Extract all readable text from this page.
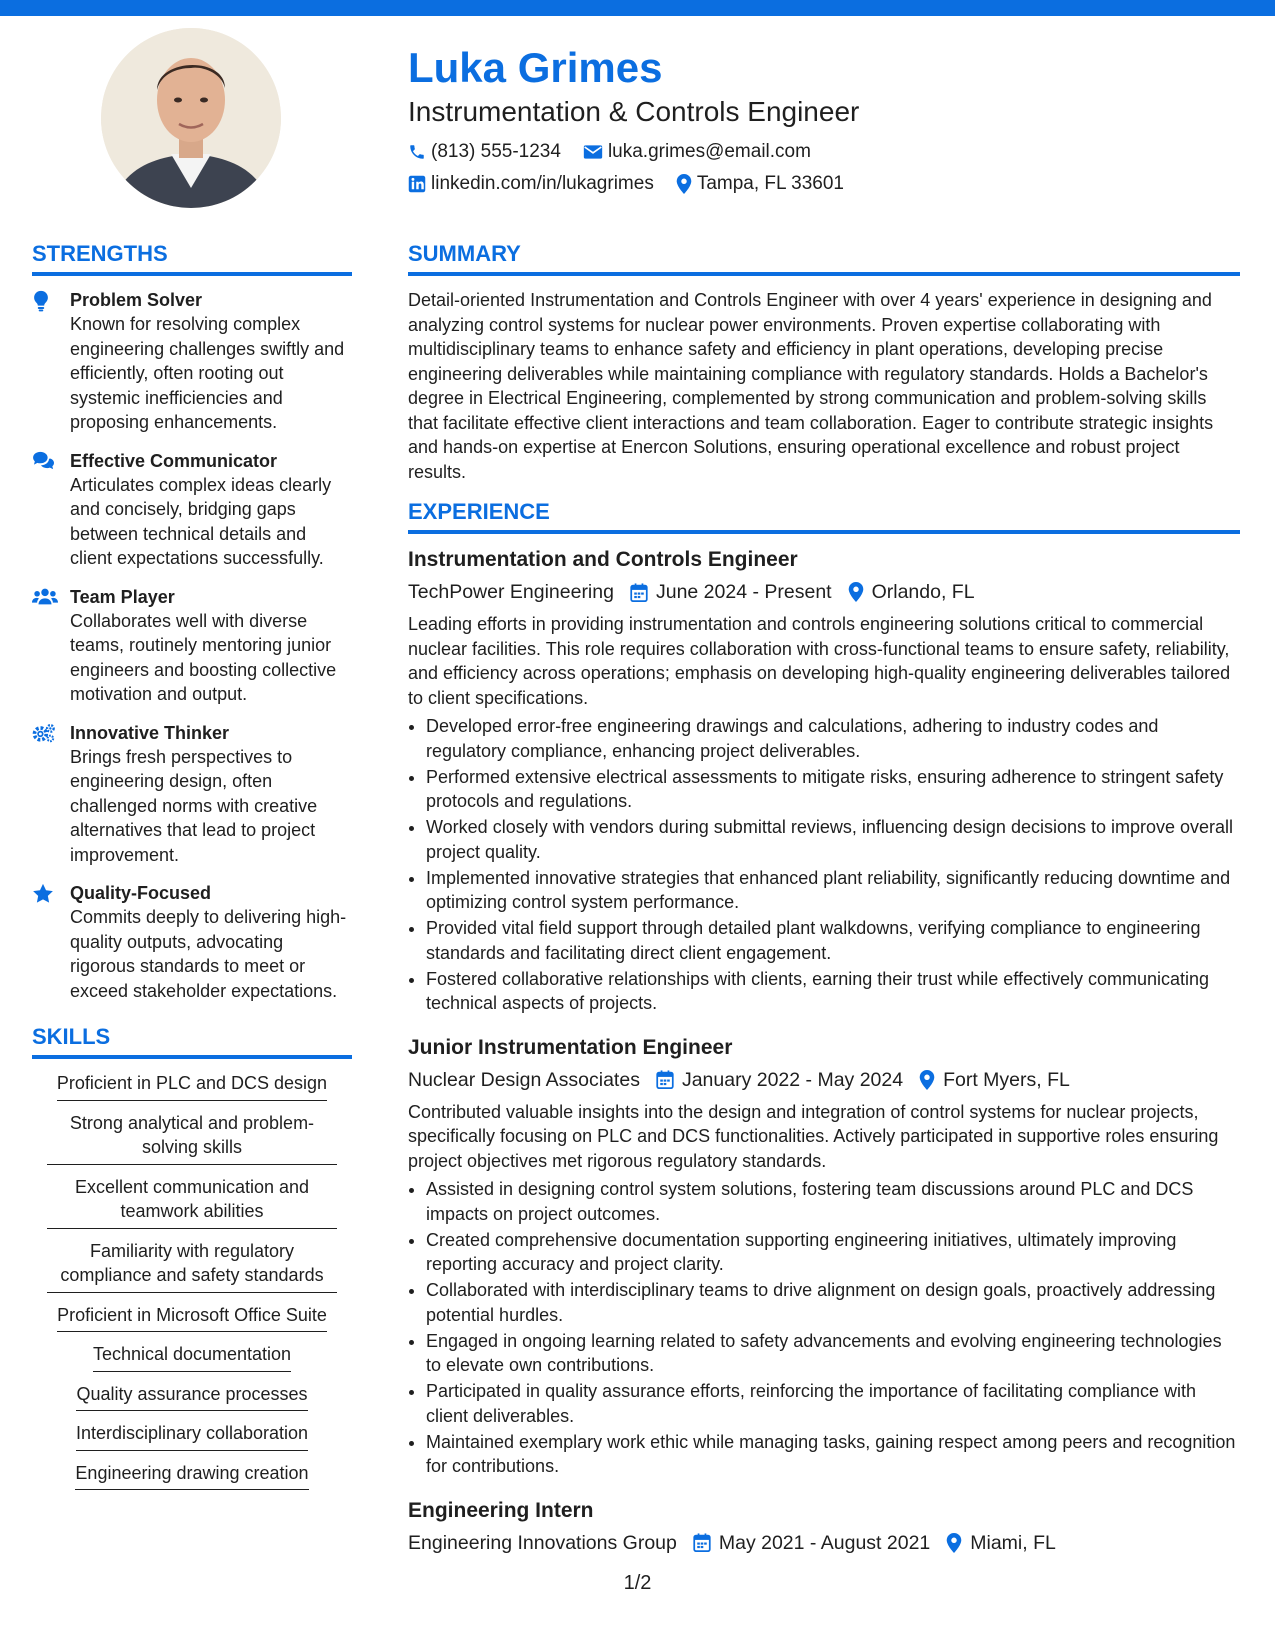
Luka Grimes
Instrumentation & Controls Engineer
(813) 555-1234 luka.grimes@email.com
linkedin.com/in/lukagrimes Tampa, FL 33601
STRENGTHS
Problem Solver
Known for resolving complex engineering challenges swiftly and efficiently, often rooting out systemic inefficiencies and proposing enhancements.
Effective Communicator
Articulates complex ideas clearly and concisely, bridging gaps between technical details and client expectations successfully.
Team Player
Collaborates well with diverse teams, routinely mentoring junior engineers and boosting collective motivation and output.
Innovative Thinker
Brings fresh perspectives to engineering design, often challenged norms with creative alternatives that lead to project improvement.
Quality-Focused
Commits deeply to delivering high-quality outputs, advocating rigorous standards to meet or exceed stakeholder expectations.
SKILLS
Proficient in PLC and DCS design
Strong analytical and problem-solving skills
Excellent communication and teamwork abilities
Familiarity with regulatory compliance and safety standards
Proficient in Microsoft Office Suite
Technical documentation
Quality assurance processes
Interdisciplinary collaboration
Engineering drawing creation
SUMMARY
Detail-oriented Instrumentation and Controls Engineer with over 4 years' experience in designing and analyzing control systems for nuclear power environments. Proven expertise collaborating with multidisciplinary teams to enhance safety and efficiency in plant operations, developing precise engineering deliverables while maintaining compliance with regulatory standards. Holds a Bachelor's degree in Electrical Engineering, complemented by strong communication and problem-solving skills that facilitate effective client interactions and team collaboration. Eager to contribute strategic insights and hands-on expertise at Enercon Solutions, ensuring operational excellence and robust project results.
EXPERIENCE
Instrumentation and Controls Engineer
TechPower Engineering June 2024 - Present Orlando, FL
Leading efforts in providing instrumentation and controls engineering solutions critical to commercial nuclear facilities. This role requires collaboration with cross-functional teams to ensure safety, reliability, and efficiency across operations; emphasis on developing high-quality engineering deliverables tailored to client specifications.
• Developed error-free engineering drawings and calculations, adhering to industry codes and regulatory compliance, enhancing project deliverables.
• Performed extensive electrical assessments to mitigate risks, ensuring adherence to stringent safety protocols and regulations.
• Worked closely with vendors during submittal reviews, influencing design decisions to improve overall project quality.
• Implemented innovative strategies that enhanced plant reliability, significantly reducing downtime and optimizing control system performance.
• Provided vital field support through detailed plant walkdowns, verifying compliance to engineering standards and facilitating direct client engagement.
• Fostered collaborative relationships with clients, earning their trust while effectively communicating technical aspects of projects.
Junior Instrumentation Engineer
Nuclear Design Associates January 2022 - May 2024 Fort Myers, FL
Contributed valuable insights into the design and integration of control systems for nuclear projects, specifically focusing on PLC and DCS functionalities. Actively participated in supportive roles ensuring project objectives met rigorous regulatory standards.
• Assisted in designing control system solutions, fostering team discussions around PLC and DCS impacts on project outcomes.
• Created comprehensive documentation supporting engineering initiatives, ultimately improving reporting accuracy and project clarity.
• Collaborated with interdisciplinary teams to drive alignment on design goals, proactively addressing potential hurdles.
• Engaged in ongoing learning related to safety advancements and evolving engineering technologies to elevate own contributions.
• Participated in quality assurance efforts, reinforcing the importance of facilitating compliance with client deliverables.
• Maintained exemplary work ethic while managing tasks, gaining respect among peers and recognition for contributions.
Engineering Intern
Engineering Innovations Group May 2021 - August 2021 Miami, FL
1/2
